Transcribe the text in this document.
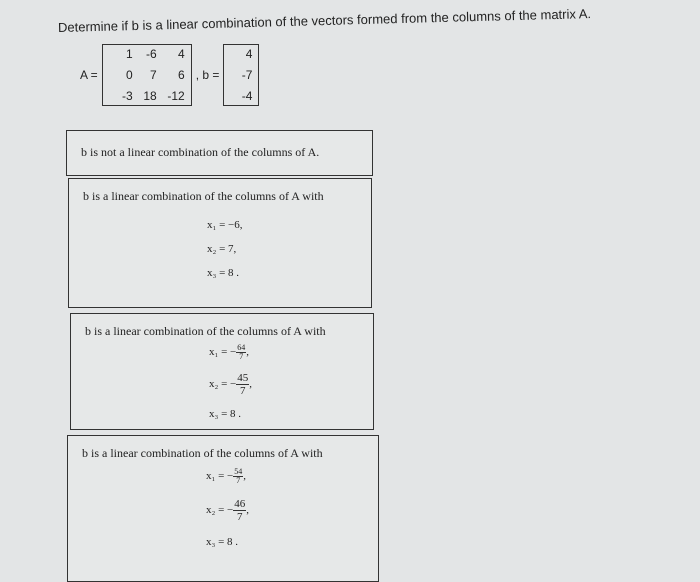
Determine if b is a linear combination of the vectors formed from the columns of the matrix A.
A =
1	-6	4
0	7	6
-3 18 -12
, b =
4
-7
-4
b is not a linear combination of the columns of A.
b is a linear combination of the columns of A with
x₁ = −6,
x₂ = 7,
x₃ = 8 .
b is a linear combination of the columns of A with
x₁ = − $\frac{64}{7}$ ,
x₂ = − $\frac{45}{7}$ ,
x₃ = 8 .
b is a linear combination of the columns of A with
x₁ = − $\frac{54}{7}$ ,
x₂ = − $\frac{46}{7}$ ,
x₃ = 8 .
